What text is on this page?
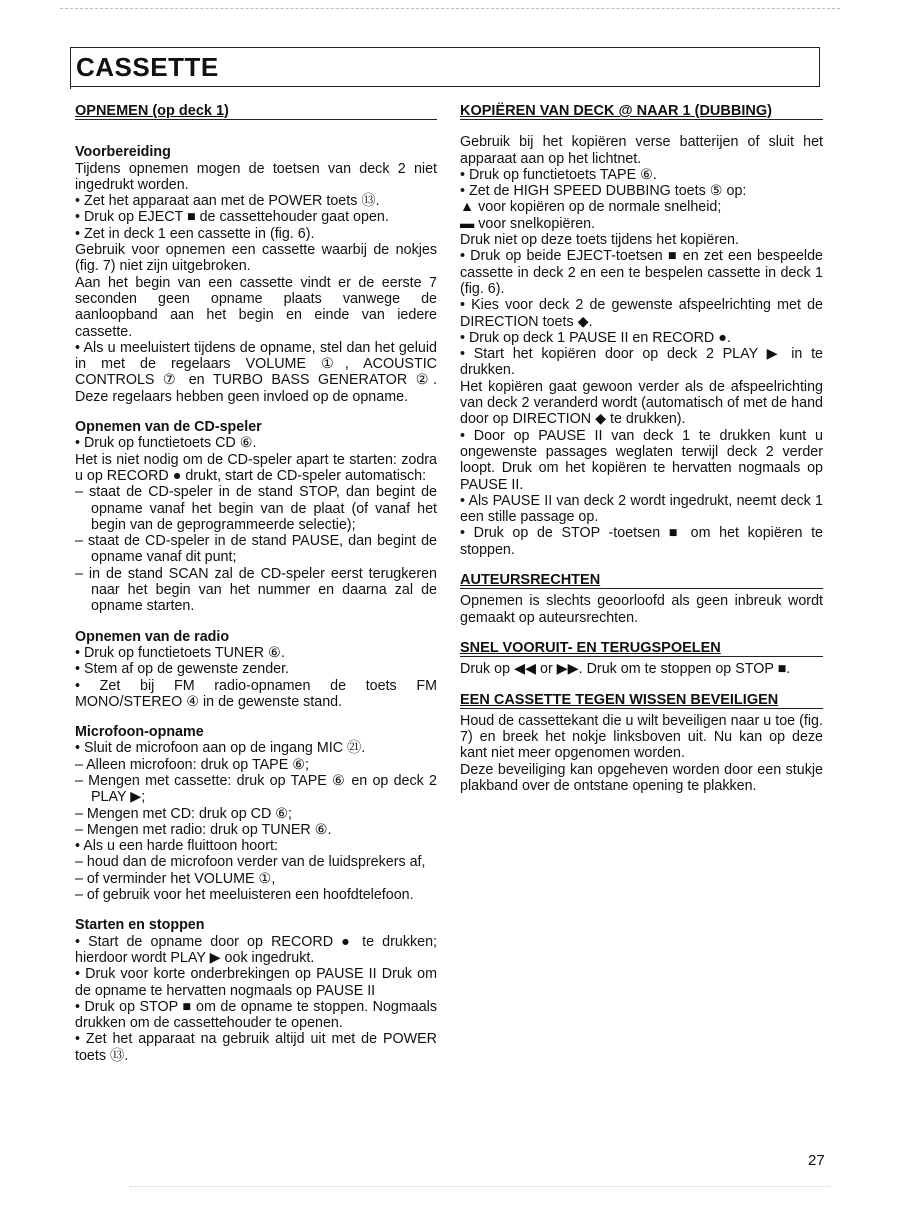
CASSETTE
OPNEMEN (op deck 1)
Voorbereiding

Tijdens opnemen mogen de toetsen van deck 2 niet ingedrukt worden.

• Zet het apparaat aan met de POWER toets ⑬.

• Druk op EJECT ■ de cassettehouder gaat open.

• Zet in deck 1 een cassette in (fig. 6).

Gebruik voor opnemen een cassette waarbij de nokjes (fig. 7) niet zijn uitgebroken.

Aan het begin van een cassette vindt er de eerste 7 seconden geen opname plaats vanwege de aanloopband aan het begin en einde van iedere cassette.

• Als u meeluistert tijdens de opname, stel dan het geluid in met de regelaars VOLUME ①, ACOUSTIC CONTROLS ⑦ en TURBO BASS GENERATOR ②. Deze regelaars hebben geen invloed op de opname.

Opnemen van de CD-speler

• Druk op functietoets CD ⑥.

Het is niet nodig om de CD-speler apart te starten: zodra u op RECORD ● drukt, start de CD-speler automatisch:

– staat de CD-speler in de stand STOP, dan begint de opname vanaf het begin van de plaat (of vanaf het begin van de geprogrammeerde selectie);

– staat de CD-speler in de stand PAUSE, dan begint de opname vanaf dit punt;

– in de stand SCAN zal de CD-speler eerst terugkeren naar het begin van het nummer en daarna zal de opname starten.

Opnemen van de radio

• Druk op functietoets TUNER ⑥.

• Stem af op de gewenste zender.

• Zet bij FM radio-opnamen de toets FM MONO/STEREO ④ in de gewenste stand.

Microfoon-opname

• Sluit de microfoon aan op de ingang MIC ㉑.

– Alleen microfoon: druk op TAPE ⑥;

– Mengen met cassette: druk op TAPE ⑥ en op deck 2 PLAY ▶;

– Mengen met CD: druk op CD ⑥;

– Mengen met radio: druk op TUNER ⑥.

• Als u een harde fluittoon hoort:

– houd dan de microfoon verder van de luidsprekers af,

– of verminder het VOLUME ①,

– of gebruik voor het meeluisteren een hoofdtelefoon.

Starten en stoppen

• Start de opname door op RECORD ● te drukken; hierdoor wordt PLAY ▶ ook ingedrukt.

• Druk voor korte onderbrekingen op PAUSE II Druk om de opname te hervatten nogmaals op PAUSE II

• Druk op STOP ■ om de opname te stoppen. Nogmaals drukken om de cassettehouder te openen.

• Zet het apparaat na gebruik altijd uit met de POWER toets ⑬.

KOPIËREN VAN DECK @ NAAR 1 (DUBBING)

Gebruik bij het kopiëren verse batterijen of sluit het apparaat aan op het lichtnet.

• Druk op functietoets TAPE ⑥.

• Zet de HIGH SPEED DUBBING toets ⑤ op:

▲ voor kopiëren op de normale snelheid;

▬ voor snelkopiëren.

Druk niet op deze toets tijdens het kopiëren.

• Druk op beide EJECT-toetsen ■ en zet een bespeelde cassette in deck 2 en een te bespelen cassette in deck 1 (fig. 6).

• Kies voor deck 2 de gewenste afspeelrichting met de DIRECTION toets ◆.

• Druk op deck 1 PAUSE II en RECORD ●.

• Start het kopiëren door op deck 2 PLAY ▶ in te drukken.

Het kopiëren gaat gewoon verder als de afspeelrichting van deck 2 veranderd wordt (automatisch of met de hand door op DIRECTION ◆ te drukken).

• Door op PAUSE II van deck 1 te drukken kunt u ongewenste passages weglaten terwijl deck 2 verder loopt. Druk om het kopiëren te hervatten nogmaals op PAUSE II.

• Als PAUSE II van deck 2 wordt ingedrukt, neemt deck 1 een stille passage op.

• Druk op de STOP -toetsen ■ om het kopiëren te stoppen.

AUTEURSRECHTEN

Opnemen is slechts geoorloofd als geen inbreuk wordt gemaakt op auteursrechten.

SNEL VOORUIT- EN TERUGSPOELEN

Druk op ◀◀ or ▶▶. Druk om te stoppen op STOP ■.

EEN CASSETTE TEGEN WISSEN BEVEILIGEN

Houd de cassettekant die u wilt beveiligen naar u toe (fig. 7) en breek het nokje linksboven uit. Nu kan op deze kant niet meer opgenomen worden.

Deze beveiliging kan opgeheven worden door een stukje plakband over de ontstane opening te plakken.

27
